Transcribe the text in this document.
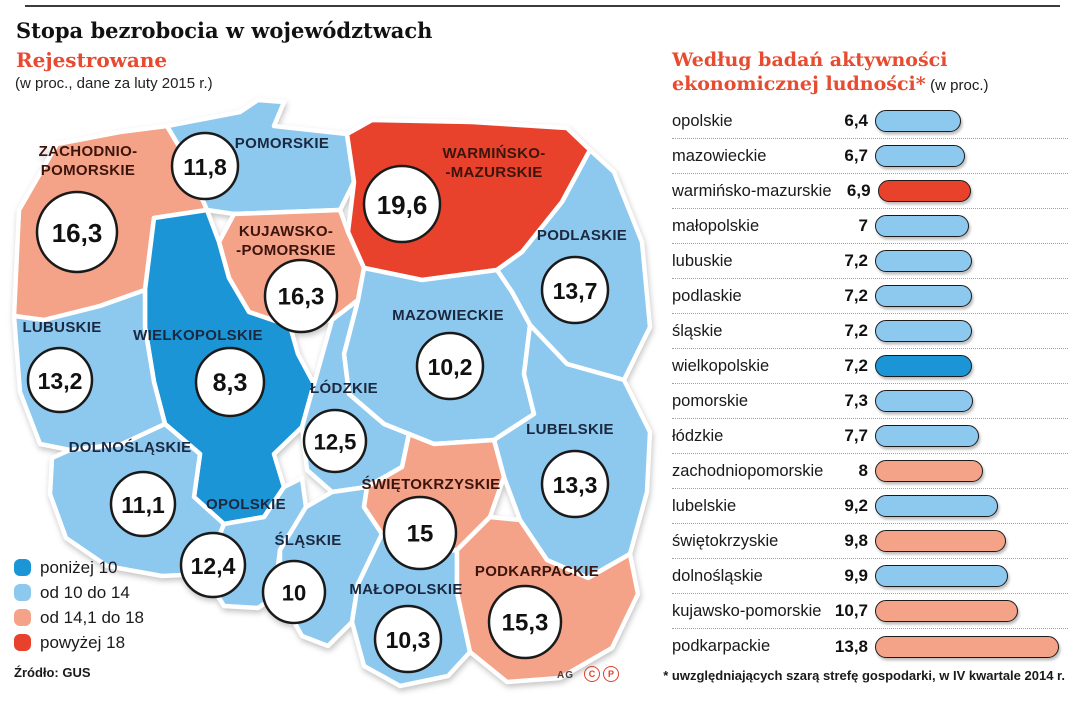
Stopa bezrobocia w województwach
Rejestrowane
(w proc., dane za luty 2015 r.)
ZACHODNIO-POMORSKIE
POMORSKIE
WARMIŃSKO--MAZURSKIE
PODLASKIE
KUJAWSKO--POMORSKIE
MAZOWIECKIE
WIELKOPOLSKIE
LUBUSKIE
ŁÓDZKIE
LUBELSKIE
DOLNOŚLĄSKIE
OPOLSKIE
ŚLĄSKIE
ŚWIĘTOKRZYSKIE
MAŁOPOLSKIE
PODKARPACKIE
16,3
11,8
19,6
13,7
16,3
10,2
8,3
13,2
12,5
13,3
11,1
12,4
10
15
10,3
15,3
poniżej 10
od 10 do 14
od 14,1 do 18
powyżej 18
Źródło: GUS	AG	C	P
Według badań aktywności ekonomicznej ludności* (w proc.)
opolskie	6,4
mazowieckie	6,7
warmińsko-mazurskie 6,9
małopolskie	7
lubuskie	7,2
podlaskie	7,2
śląskie	7,2
wielkopolskie	7,2
pomorskie	7,3
łódzkie	7,7
zachodniopomorskie	8
lubelskie	9,2
świętokrzyskie	9,8
dolnośląskie	9,9
kujawsko-pomorskie 10,7
podkarpackie	13,8
* uwzględniających szarą strefę gospodarki, w IV kwartale 2014 r.
